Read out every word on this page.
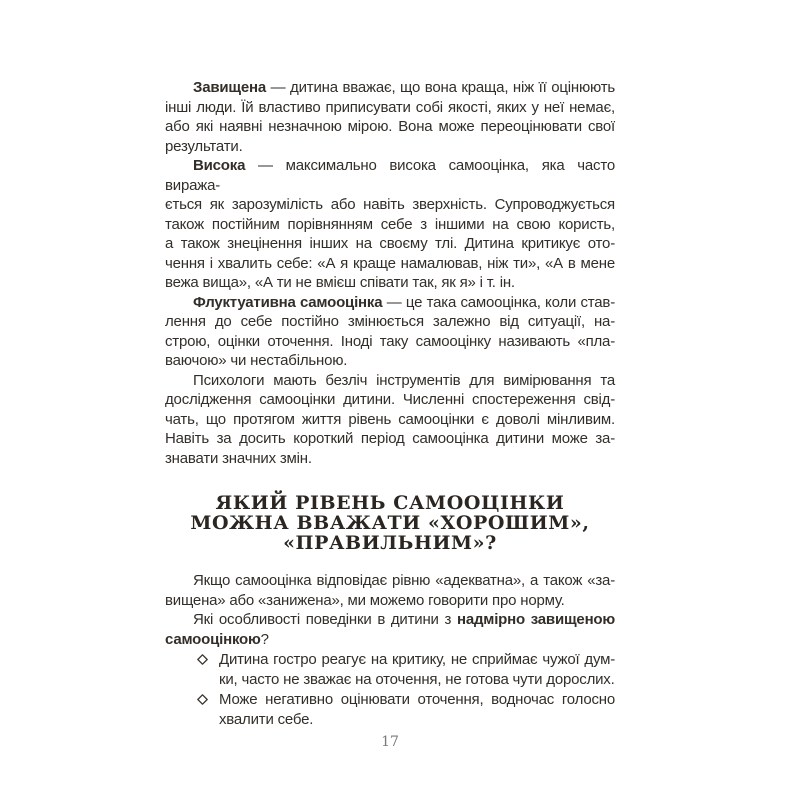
Завищена — дитина вважає, що вона краща, ніж її оцінюють
інші люди. Їй властиво приписувати собі якості, яких у неї немає,
або які наявні незначною мірою. Вона може переоцінювати свої
результати.
Висока — максимально висока самооцінка, яка часто виража-
ється як зарозумілість або навіть зверхність. Супроводжується
також постійним порівнянням себе з іншими на свою користь,
а також знецінення інших на своєму тлі. Дитина критикує ото-
чення і хвалить себе: «А я краще намалював, ніж ти», «А в мене
вежа вища», «А ти не вмієш співати так, як я» і т. ін.
Флуктуативна самооцінка — це така самооцінка, коли став-
лення до себе постійно змінюється залежно від ситуації, на-
строю, оцінки оточення. Іноді таку самооцінку називають «пла-
ваючою» чи нестабільною.
Психологи мають безліч інструментів для вимірювання та
дослідження самооцінки дитини. Численні спостереження свід-
чать, що протягом життя рівень самооцінки є доволі мінливим.
Навіть за досить короткий період самооцінка дитини може за-
знавати значних змін.
ЯКИЙ РІВЕНЬ САМООЦІНКИ
МОЖНА ВВАЖАТИ «ХОРОШИМ»,
«ПРАВИЛЬНИМ»?
Якщо самооцінка відповідає рівню «адекватна», а також «за-
вищена» або «занижена», ми можемо говорити про норму.
Які особливості поведінки в дитини з надмірно завищеною
самооцінкою?
Дитина гостро реагує на критику, не сприймає чужої дум-
ки, часто не зважає на оточення, не готова чути дорослих.
Може негативно оцінювати оточення, водночас голосно
хвалити себе.
17
